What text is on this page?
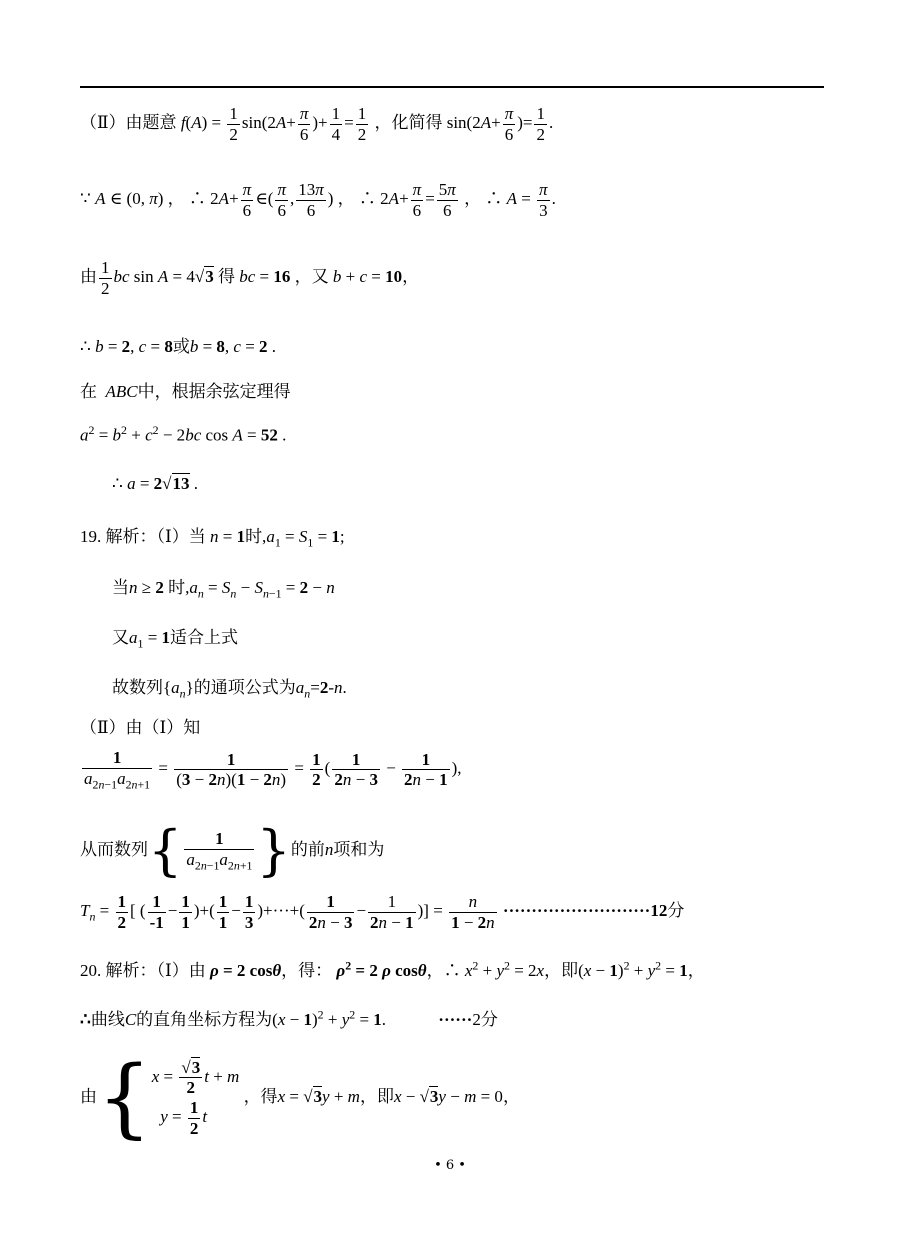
（Ⅱ）由题意 $f(A) = \frac{1}{2} \sin(2A+ \frac{\pi}{6}$ )+ $\frac{1}{4} = \frac{1}{2}$ ，化简得 $\sin(2A+ \frac{\pi}{6}$ )= $\frac{1}{2}$ .
∵ A ∈ (0, π) ， ∴ $2A+ \frac{\pi}{6}$ ∈( $\frac{\pi}{6}$ , $\frac{13\pi}{6}$ ) ， ∴ $2A+ \frac{\pi}{6} = \frac{5\pi}{6}$ ， ∴ $A = \frac{\pi}{3}$ .
由 $\frac{1}{2}$ bc sin A = 4√3 得 bc = 16 ，又 b + c = 10，
∴ b = 2, c = 8或b = 8, c = 2 .
在 ABC中，根据余弦定理得
$a^2 = b^2 + c^2 - 2bc$ cos A = 52 .
∴ a = 2√13 .
19. 解析：（Ⅰ）当 n = 1时$,a_1 = S_1 = 1$;
当n ≥ 2 时$,a_n = S_n - S_{n-1} = 2 - n$
又$a_1 = 1$适合上式
故数列$\{a_n\}$的通项公式为$a_n=2-n$.
（Ⅱ）由（Ⅰ）知
$\frac{1}{a_{2n-1}a_{2n+1}} = \frac{1}{(3 - 2n)(1 - 2n)} = \frac{1}{2}$ ( $\frac{1}{2n - 3} - \frac{1}{2n - 1}$ ),
从而数列{ $\frac{1}{a_{2n-1}a_{2n+1}}$ }的前n项和为
$T_n = \frac{1}{2}$ [ ( $\frac{1}{-1} - \frac{1}{1}$ )+( $\frac{1}{1} - \frac{1}{3}$ )+···+( $\frac{1}{2n - 3} - \frac{1}{2n - 1}$ )] = $\frac{n}{1 - 2n} \cdot\cdot\cdot\cdot\cdot\cdot\cdot\cdot\cdot\cdot\cdot\cdot\cdot\cdot\cdot\cdot\cdot\cdot\cdot\cdot\cdot\cdot\cdot\cdot\cdot\cdot 12$分
20. 解析：（Ⅰ）由 ρ = 2 cosθ，得： $\rho^2 = 2$ ρ cosθ，∴ $x^2 + y^2 = 2x$，即$(x - 1)^2 + y^2 = 1$，
∴曲线C的直角坐标方程为$(x - 1)^2 + y^2 = 1$.	······2分
由{ $x = \frac{√3}{2}$ t + m
$y = \frac{1}{2}$ t
，得x = √3y + m，即x − √3y − m = 0，
• 6 •
